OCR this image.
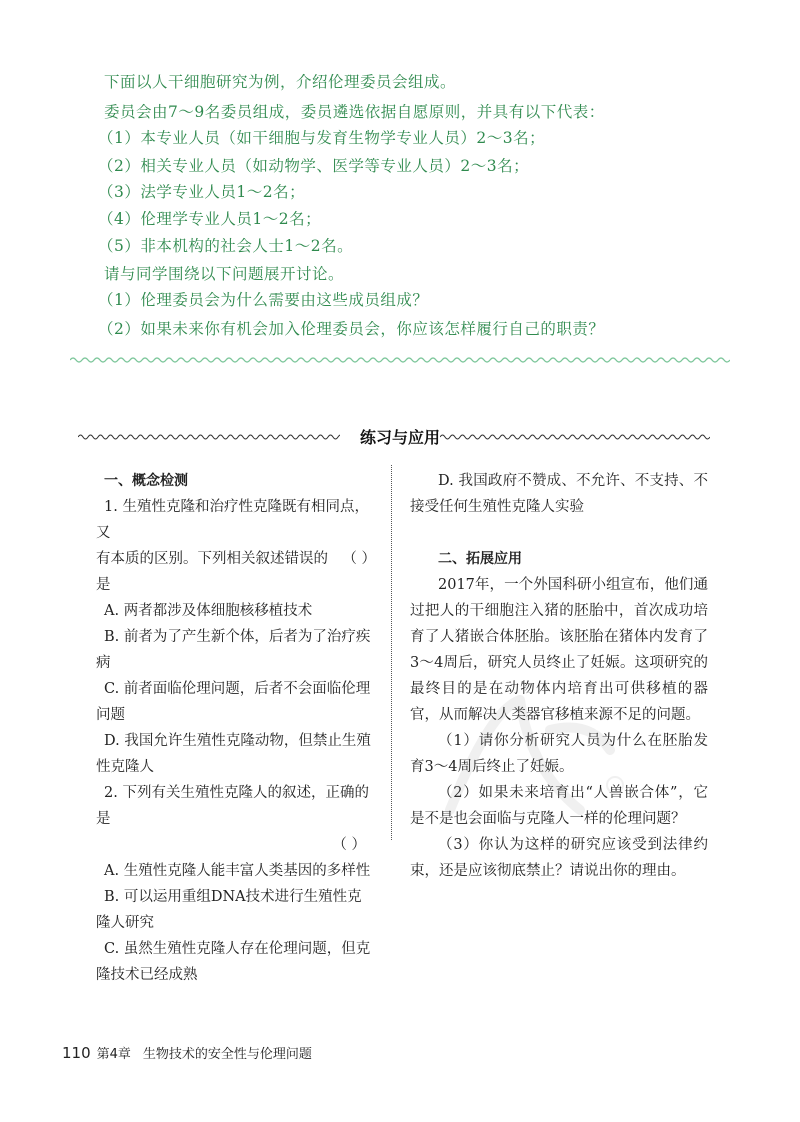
下面以人干细胞研究为例，介绍伦理委员会组成。
委员会由7～9名委员组成，委员遴选依据自愿原则，并具有以下代表：
（1）本专业人员（如干细胞与发育生物学专业人员）2～3名；
（2）相关专业人员（如动物学、医学等专业人员）2～3名；
（3）法学专业人员1～2名；
（4）伦理学专业人员1～2名；
（5）非本机构的社会人士1～2名。
请与同学围绕以下问题展开讨论。
（1）伦理委员会为什么需要由这些成员组成？
（2）如果未来你有机会加入伦理委员会，你应该怎样履行自己的职责？
练习与应用

一、概念检测

1. 生殖性克隆和治疗性克隆既有相同点，又

有本质的区别。下列相关叙述错误的是
（ ）

A. 两者都涉及体细胞核移植技术

B. 前者为了产生新个体，后者为了治疗疾病

C. 前者面临伦理问题，后者不会面临伦理问题

D. 我国允许生殖性克隆动物，但禁止生殖性克隆人

2. 下列有关生殖性克隆人的叙述，正确的是

（ ）

A. 生殖性克隆人能丰富人类基因的多样性

B. 可以运用重组DNA技术进行生殖性克隆人研究

C. 虽然生殖性克隆人存在伦理问题，但克隆技术已经成熟

D. 我国政府不赞成、不允许、不支持、不接受任何生殖性克隆人实验

二、拓展应用

2017年，一个外国科研小组宣布，他们通过把人的干细胞注入猪的胚胎中，首次成功培育了人猪嵌合体胚胎。该胚胎在猪体内发育了3～4周后，研究人员终止了妊娠。这项研究的最终目的是在动物体内培育出可供移植的器官，从而解决人类器官移植来源不足的问题。

（1）请你分析研究人员为什么在胚胎发育3～4周后终止了妊娠。

（2）如果未来培育出“人兽嵌合体”，它是不是也会面临与克隆人一样的伦理问题？

（3）你认为这样的研究应该受到法律约束，还是应该彻底禁止？请说出你的理由。

110 第4章 生物技术的安全性与伦理问题
